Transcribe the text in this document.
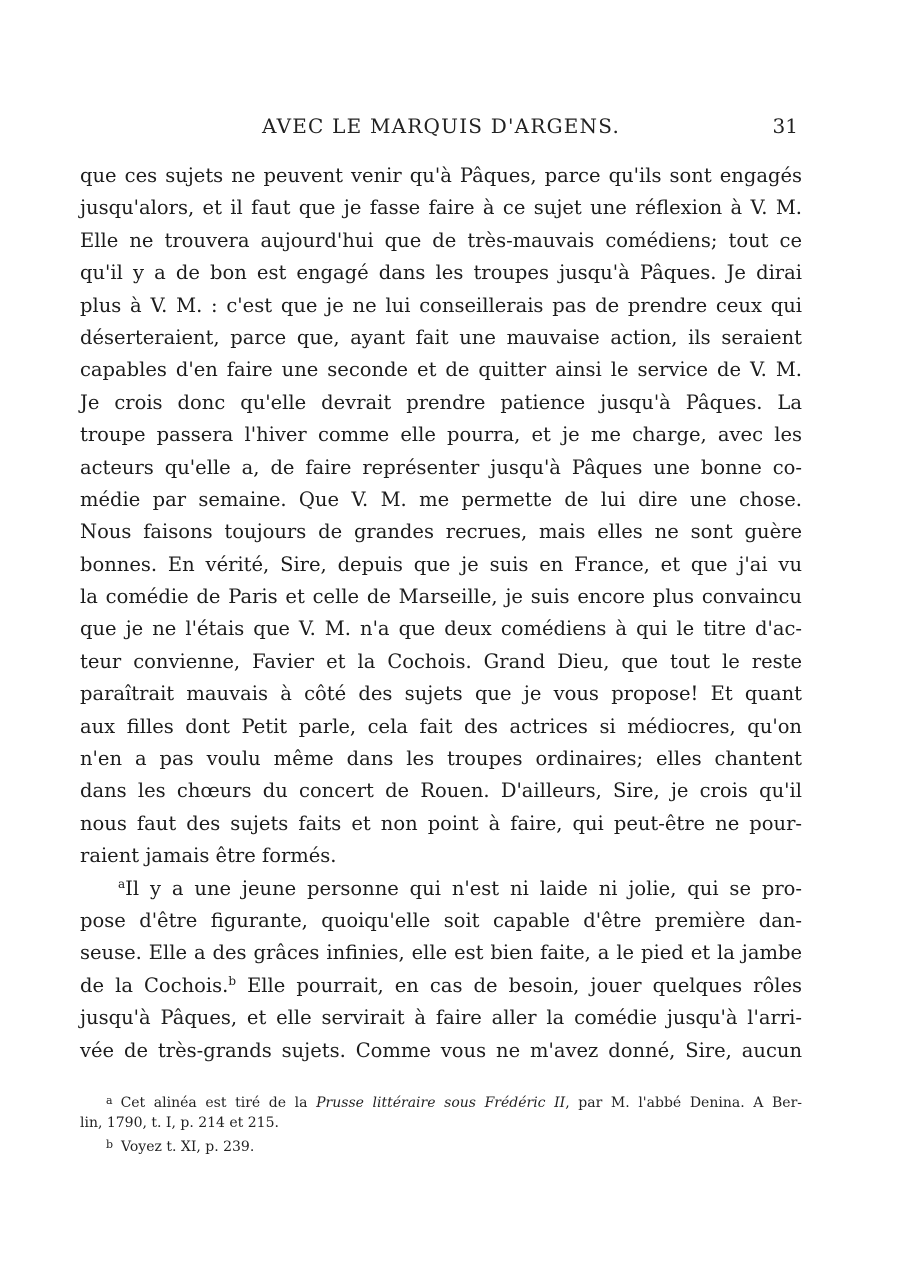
AVEC LE MARQUIS D'ARGENS.	31
que ces sujets ne peuvent venir qu'à Pâques, parce qu'ils sont engagés
jusqu'alors, et il faut que je fasse faire à ce sujet une réflexion à V. M.
Elle ne trouvera aujourd'hui que de très-mauvais comédiens; tout ce
qu'il y a de bon est engagé dans les troupes jusqu'à Pâques. Je dirai
plus à V. M. : c'est que je ne lui conseillerais pas de prendre ceux qui
déserteraient, parce que, ayant fait une mauvaise action, ils seraient
capables d'en faire une seconde et de quitter ainsi le service de V. M.
Je crois donc qu'elle devrait prendre patience jusqu'à Pâques. La
troupe passera l'hiver comme elle pourra, et je me charge, avec les
acteurs qu'elle a, de faire représenter jusqu'à Pâques une bonne co-
médie par semaine. Que V. M. me permette de lui dire une chose.
Nous faisons toujours de grandes recrues, mais elles ne sont guère
bonnes. En vérité, Sire, depuis que je suis en France, et que j'ai vu
la comédie de Paris et celle de Marseille, je suis encore plus convaincu
que je ne l'étais que V. M. n'a que deux comédiens à qui le titre d'ac-
teur convienne, Favier et la Cochois. Grand Dieu, que tout le reste
paraîtrait mauvais à côté des sujets que je vous propose! Et quant
aux filles dont Petit parle, cela fait des actrices si médiocres, qu'on
n'en a pas voulu même dans les troupes ordinaires; elles chantent
dans les chœurs du concert de Rouen. D'ailleurs, Sire, je crois qu'il
nous faut des sujets faits et non point à faire, qui peut-être ne pour-
raient jamais être formés.
$^a$Il y a une jeune personne qui n'est ni laide ni jolie, qui se pro-
pose d'être figurante, quoiqu'elle soit capable d'être première dan-
seuse. Elle a des grâces infinies, elle est bien faite, a le pied et la jambe
de la Cochois.$^b$ Elle pourrait, en cas de besoin, jouer quelques rôles
jusqu'à Pâques, et elle servirait à faire aller la comédie jusqu'à l'arri-
vée de très-grands sujets. Comme vous ne m'avez donné, Sire, aucun
$^a$ Cet alinéa est tiré de la Prusse littéraire sous Frédéric II, par M. l'abbé Denina. A Ber-
lin, 1790, t. I, p. 214 et 215.
$^b$ Voyez t. XI, p. 239.
